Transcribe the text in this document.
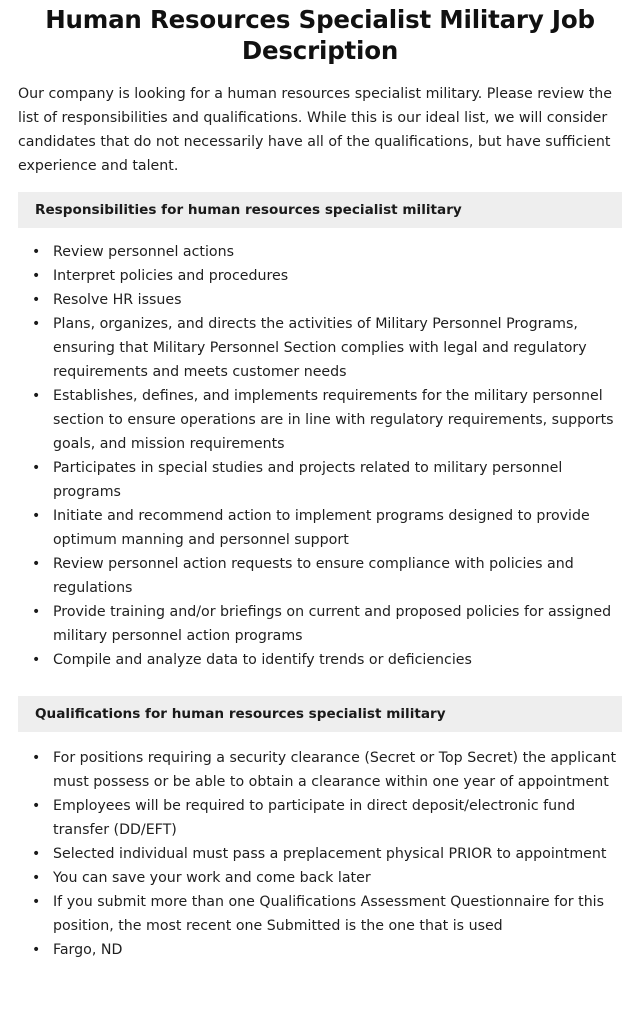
Human Resources Specialist Military Job Description

Our company is looking for a human resources specialist military. Please review the list of responsibilities and qualifications. While this is our ideal list, we will consider candidates that do not necessarily have all of the qualifications, but have sufficient experience and talent.

Responsibilities for human resources specialist military
• Review personnel actions
• Interpret policies and procedures
• Resolve HR issues
• Plans, organizes, and directs the activities of Military Personnel Programs, ensuring that Military Personnel Section complies with legal and regulatory requirements and meets customer needs
• Establishes, defines, and implements requirements for the military personnel section to ensure operations are in line with regulatory requirements, supports goals, and mission requirements
• Participates in special studies and projects related to military personnel programs
• Initiate and recommend action to implement programs designed to provide optimum manning and personnel support
• Review personnel action requests to ensure compliance with policies and regulations
• Provide training and/or briefings on current and proposed policies for assigned military personnel action programs
• Compile and analyze data to identify trends or deficiencies
Qualifications for human resources specialist military
• For positions requiring a security clearance (Secret or Top Secret) the applicant must possess or be able to obtain a clearance within one year of appointment
• Employees will be required to participate in direct deposit/electronic fund transfer (DD/EFT)
• Selected individual must pass a preplacement physical PRIOR to appointment
• You can save your work and come back later
• If you submit more than one Qualifications Assessment Questionnaire for this position, the most recent one Submitted is the one that is used
• Fargo, ND
